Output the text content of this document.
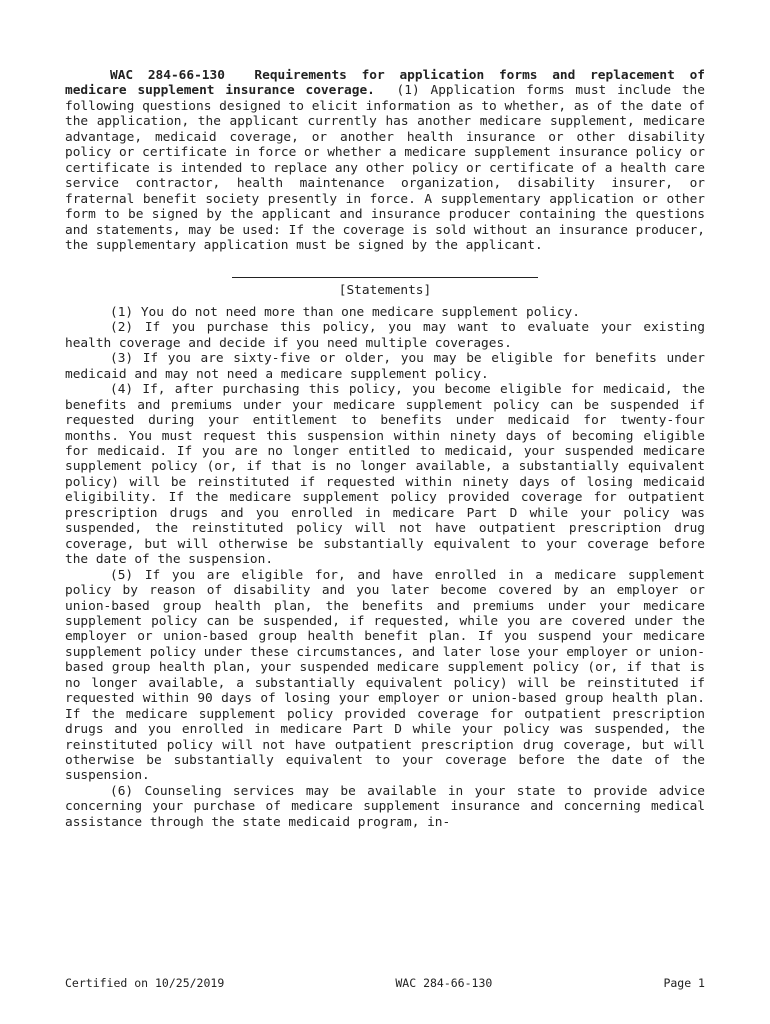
WAC 284-66-130 Requirements for application forms and replacement of medicare supplement insurance coverage. (1) Application forms must include the following questions designed to elicit information as to whether, as of the date of the application, the applicant currently has another medicare supplement, medicare advantage, medicaid coverage, or another health insurance or other disability policy or certificate in force or whether a medicare supplement insurance policy or certificate is intended to replace any other policy or certificate of a health care service contractor, health maintenance organization, disability insurer, or fraternal benefit society presently in force. A supplementary application or other form to be signed by the applicant and insurance producer containing the questions and statements, may be used: If the coverage is sold without an insurance producer, the supplementary application must be signed by the applicant.

[Statements]

(1) You do not need more than one medicare supplement policy.

(2) If you purchase this policy, you may want to evaluate your existing health coverage and decide if you need multiple coverages.

(3) If you are sixty-five or older, you may be eligible for benefits under medicaid and may not need a medicare supplement policy.

(4) If, after purchasing this policy, you become eligible for medicaid, the benefits and premiums under your medicare supplement policy can be suspended if requested during your entitlement to benefits under medicaid for twenty-four months. You must request this suspension within ninety days of becoming eligible for medicaid. If you are no longer entitled to medicaid, your suspended medicare supplement policy (or, if that is no longer available, a substantially equivalent policy) will be reinstituted if requested within ninety days of losing medicaid eligibility. If the medicare supplement policy provided coverage for outpatient prescription drugs and you enrolled in medicare Part D while your policy was suspended, the reinstituted policy will not have outpatient prescription drug coverage, but will otherwise be substantially equivalent to your coverage before the date of the suspension.

(5) If you are eligible for, and have enrolled in a medicare supplement policy by reason of disability and you later become covered by an employer or union-based group health plan, the benefits and premiums under your medicare supplement policy can be suspended, if requested, while you are covered under the employer or union-based group health benefit plan. If you suspend your medicare supplement policy under these circumstances, and later lose your employer or union-based group health plan, your suspended medicare supplement policy (or, if that is no longer available, a substantially equivalent policy) will be reinstituted if requested within 90 days of losing your employer or union-based group health plan. If the medicare supplement policy provided coverage for outpatient prescription drugs and you enrolled in medicare Part D while your policy was suspended, the reinstituted policy will not have outpatient prescription drug coverage, but will otherwise be substantially equivalent to your coverage before the date of the suspension.

(6) Counseling services may be available in your state to provide advice concerning your purchase of medicare supplement insurance and concerning medical assistance through the state medicaid program, in-

Certified on 10/25/2019	WAC 284-66-130	Page 1
